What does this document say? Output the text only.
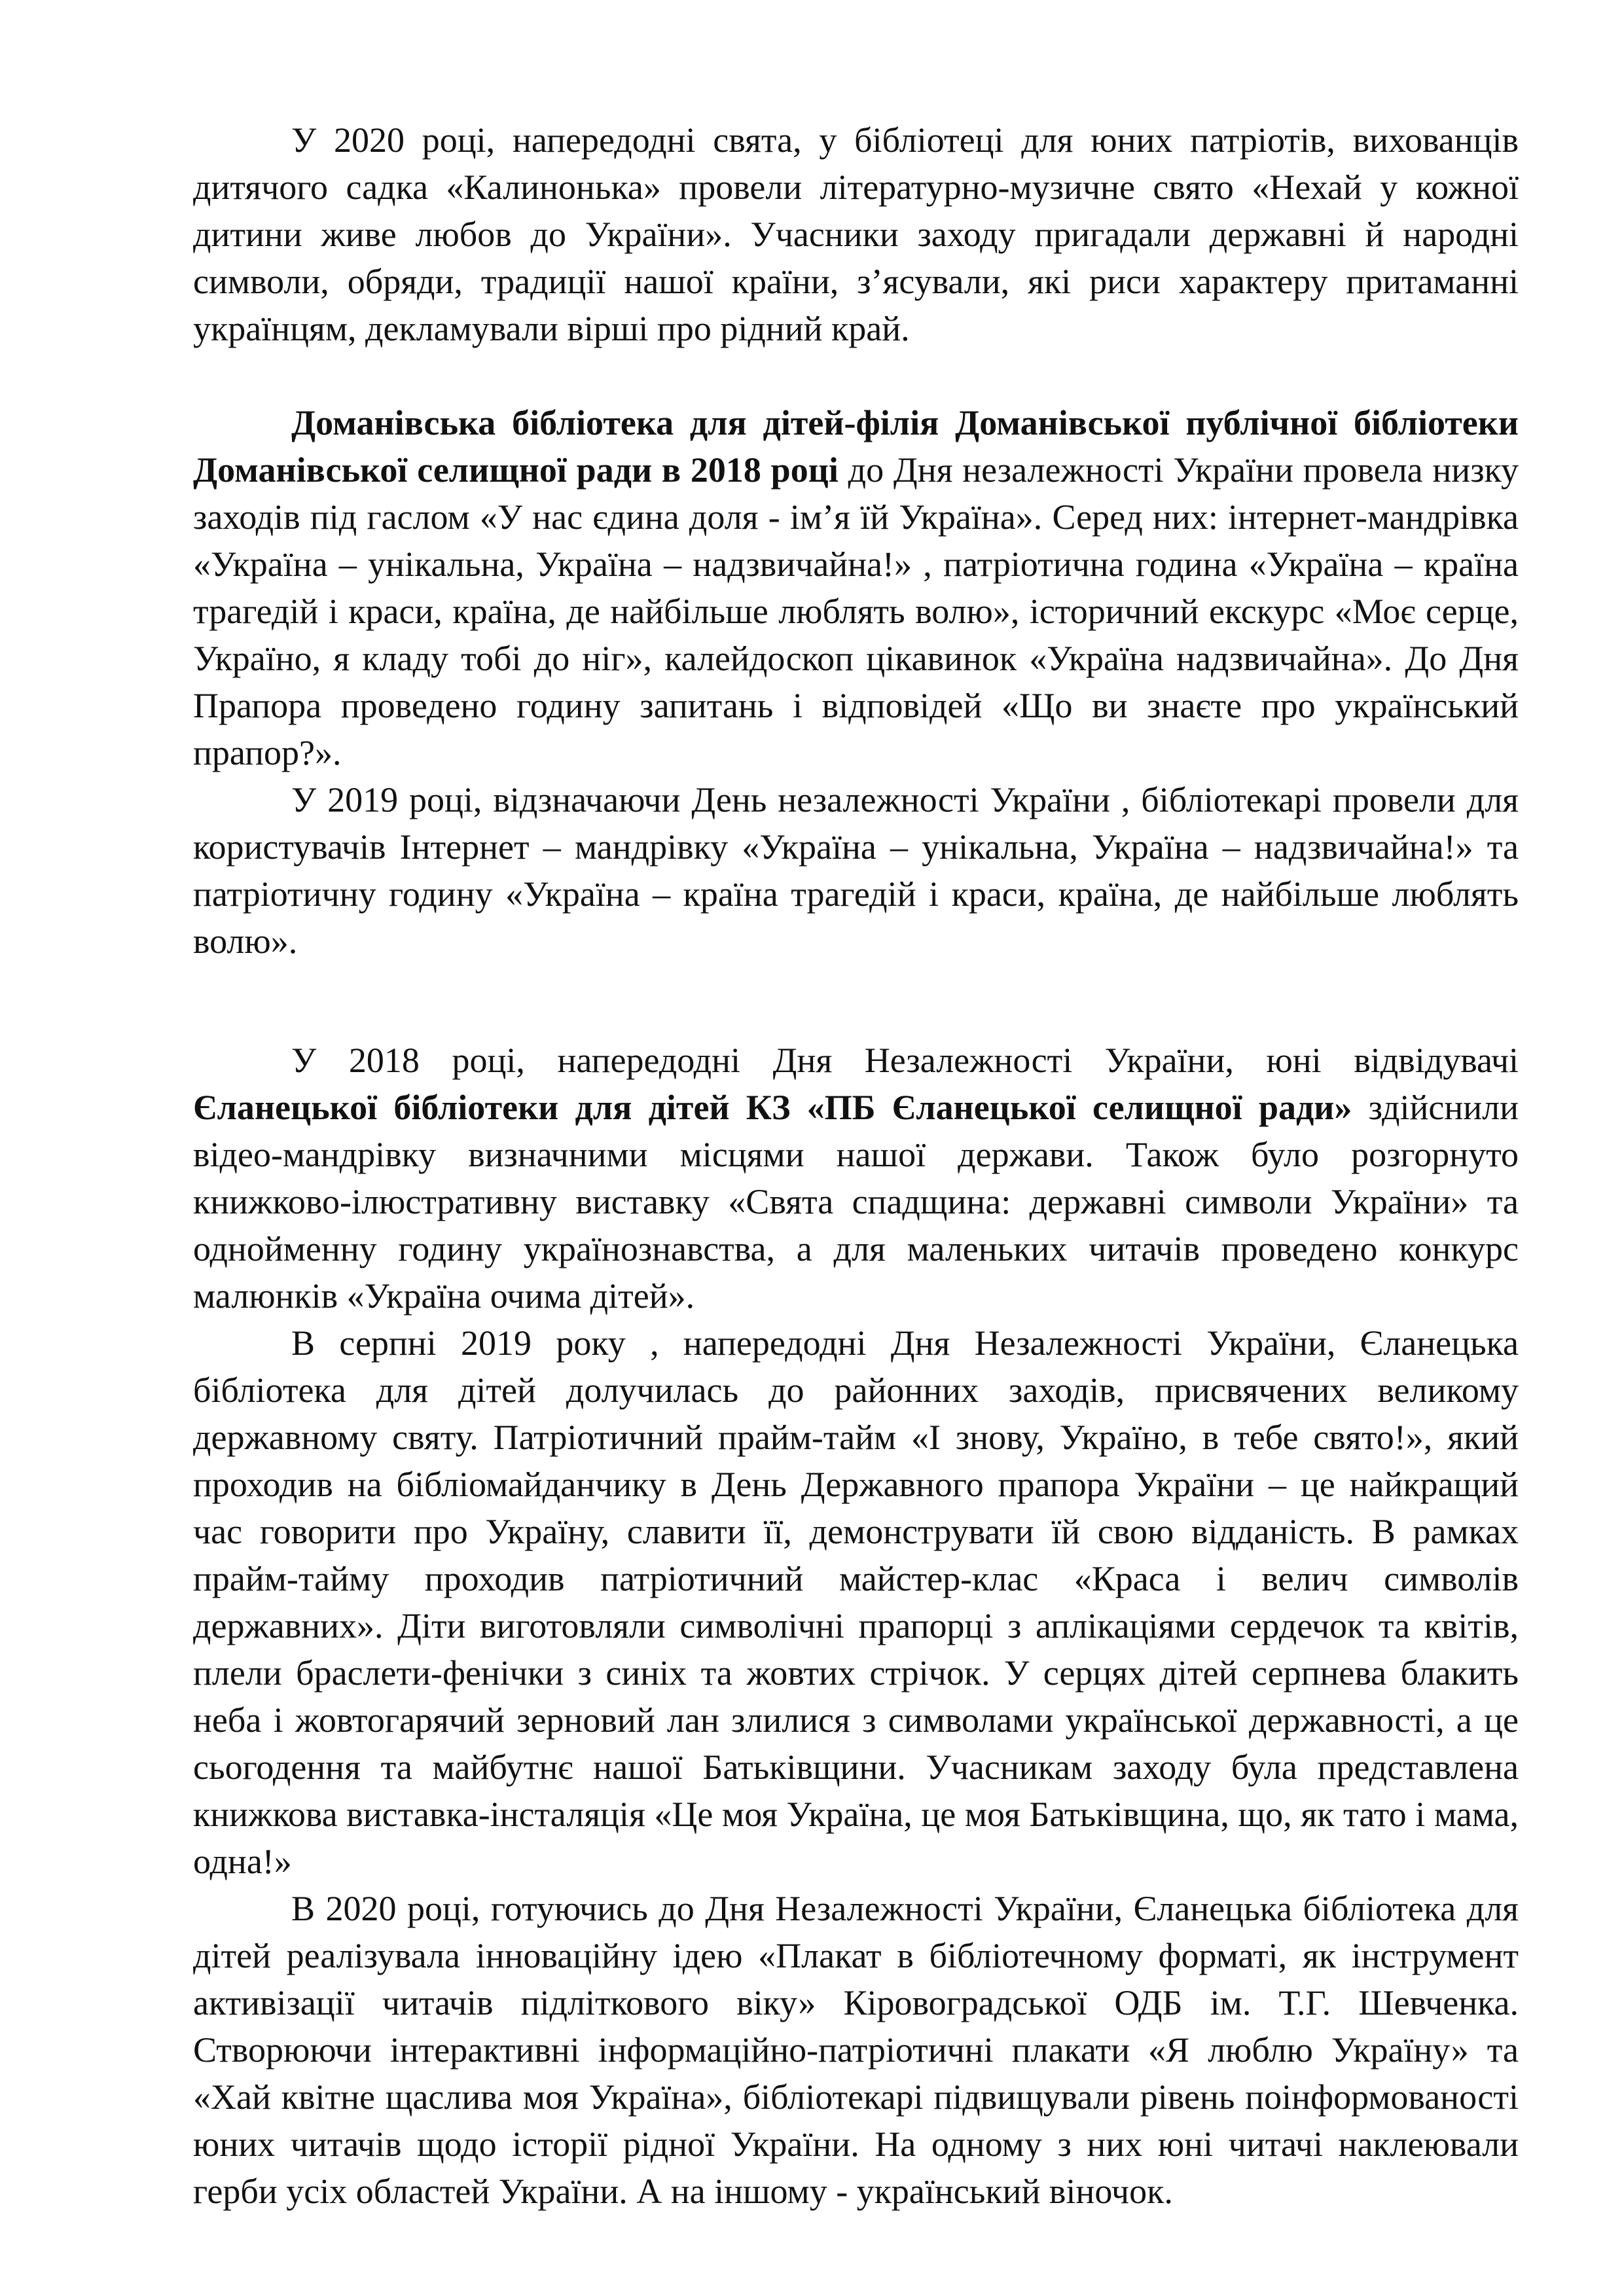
У 2020 році, напередодні свята, у бібліотеці для юних патріотів, вихованців дитячого садка «Калинонька» провели літературно-музичне свято «Нехай у кожної дитини живе любов до України». Учасники заходу пригадали державні й народні символи, обряди, традиції нашої країни, з’ясували, які риси характеру притаманні українцям, декламували вірші про рідний край.

Доманівська бібліотека для дітей-філія Доманівської публічної бібліотеки Доманівської селищної ради в 2018 році до Дня незалежності України провела низку заходів під гаслом «У нас єдина доля - ім’я їй Україна». Серед них: інтернет-мандрівка «Україна – унікальна, Україна – надзвичайна!» , патріотична година «Україна – країна трагедій і краси, країна, де найбільше люблять волю», історичний екскурс «Моє серце, Україно, я кладу тобі до ніг», калейдоскоп цікавинок «Україна надзвичайна». До Дня Прапора проведено годину запитань і відповідей «Що ви знаєте про український прапор?».

У 2019 році, відзначаючи День незалежності України , бібліотекарі провели для користувачів Інтернет – мандрівку «Україна – унікальна, Україна – надзвичайна!» та патріотичну годину «Україна – країна трагедій і краси, країна, де найбільше люблять волю».

У 2018 році, напередодні Дня Незалежності України, юні відвідувачі Єланецької бібліотеки для дітей КЗ «ПБ Єланецької селищної ради» здійснили відео-мандрівку визначними місцями нашої держави. Також було розгорнуто книжково-ілюстративну виставку «Свята спадщина: державні символи України» та однойменну годину українознавства, а для маленьких читачів проведено конкурс малюнків «Україна очима дітей».

В серпні 2019 року , напередодні Дня Незалежності України, Єланецька бібліотека для дітей долучилась до районних заходів, присвячених великому державному святу. Патріотичний прайм-тайм «І знову, Україно, в тебе свято!», який проходив на бібліомайданчику в День Державного прапора України – це найкращий час говорити про Україну, славити її, демонструвати їй свою відданість. В рамках прайм-тайму проходив патріотичний майстер-клас «Краса і велич символів державних». Діти виготовляли символічні прапорці з аплікаціями сердечок та квітів, плели браслети-фенічки з синіх та жовтих стрічок. У серцях дітей серпнева блакить неба і жовтогарячий зерновий лан злилися з символами української державності, а це сьогодення та майбутнє нашої Батьківщини. Учасникам заходу була представлена книжкова виставка-інсталяція «Це моя Україна, це моя Батьківщина, що, як тато і мама, одна!»

В 2020 році, готуючись до Дня Незалежності України, Єланецька бібліотека для дітей реалізувала інноваційну ідею «Плакат в бібліотечному форматі, як інструмент активізації читачів підліткового віку» Кіровоградської ОДБ ім. Т.Г. Шевченка. Створюючи інтерактивні інформаційно-патріотичні плакати «Я люблю Україну» та «Хай квітне щаслива моя Україна», бібліотекарі підвищували рівень поінформованості юних читачів щодо історії рідної України. На одному з них юні читачі наклеювали герби усіх областей України. А на іншому - український віночок.
